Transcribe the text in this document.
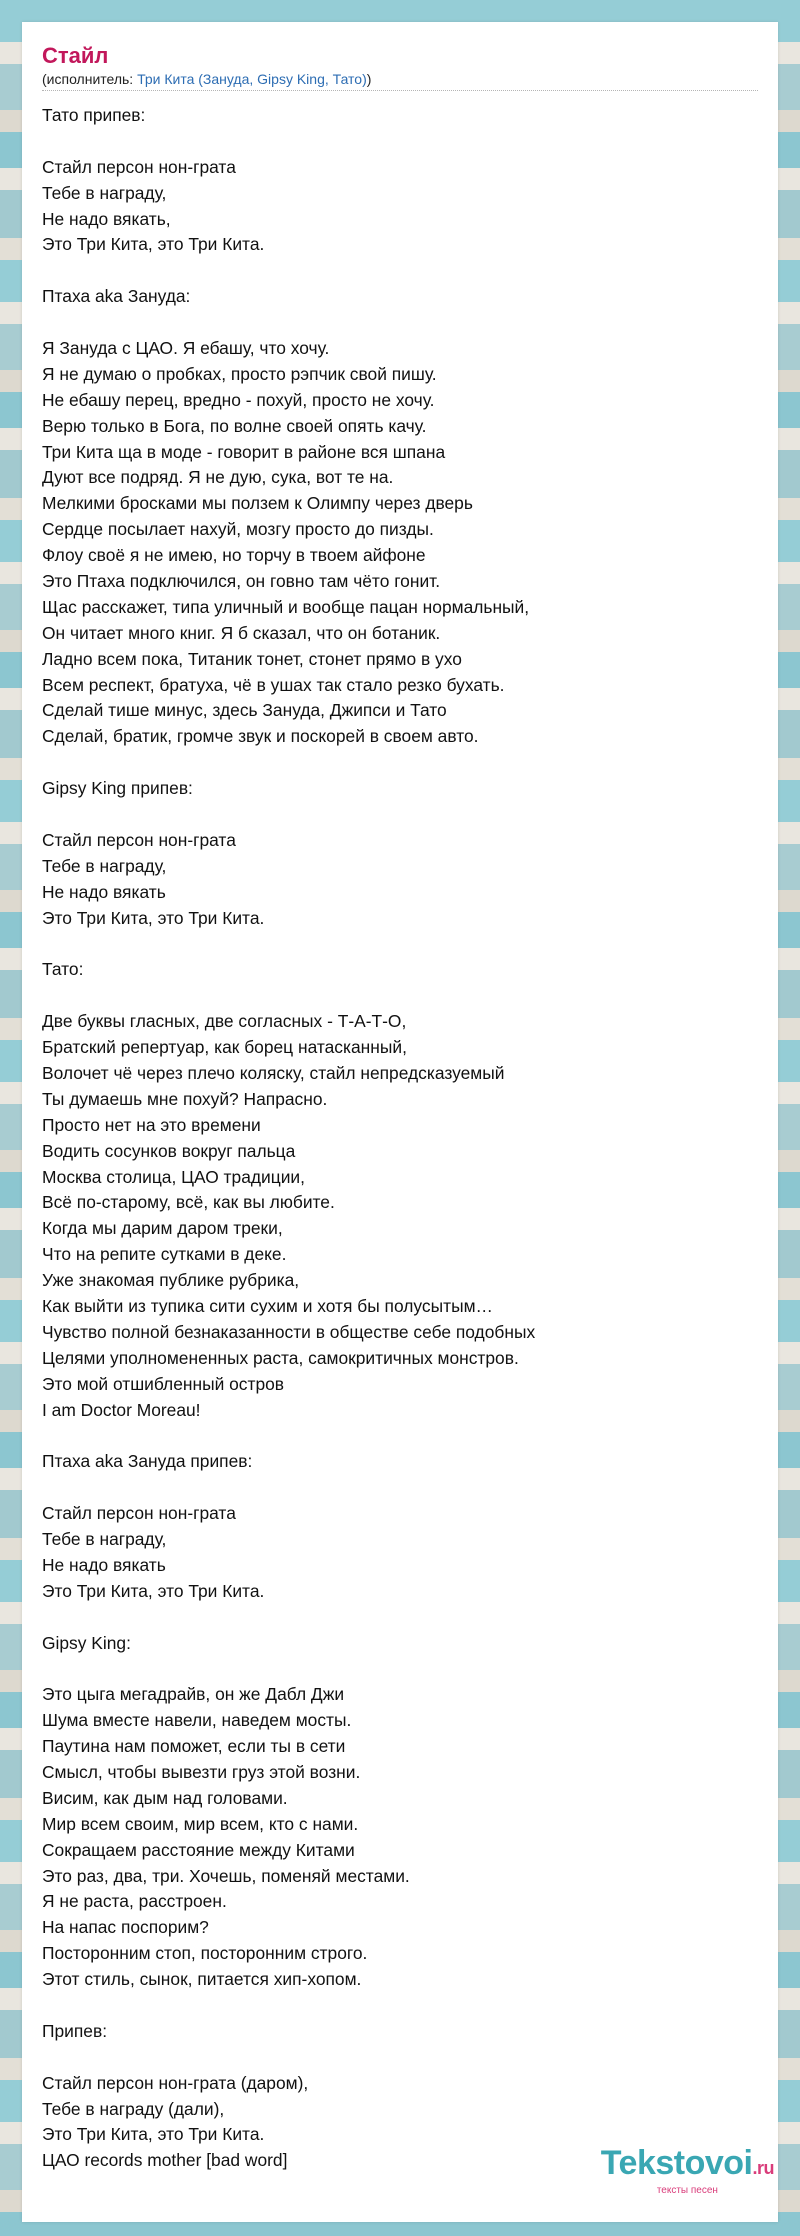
Стайл
(исполнитель: Три Кита (Зануда, Gipsy King, Тато))
Тато припев:
Стайл персон нон-грата
Тебе в награду,
Не надо вякать,
Это Три Кита, это Три Кита.
Птаха aka Зануда:
Я Зануда с ЦАО. Я ебашу, что хочу.
Я не думаю о пробках, просто рэпчик свой пишу.
Не ебашу перец, вредно - похуй, просто не хочу.
Верю только в Бога, по волне своей опять качу.
Три Кита ща в моде - говорит в районе вся шпана
Дуют все подряд. Я не дую, сука, вот те на.
Мелкими бросками мы ползем к Олимпу через дверь
Сердце посылает нахуй, мозгу просто до пизды.
Флоу своё я не имею, но торчу в твоем айфоне
Это Птаха подключился, он говно там чёто гонит.
Щас расскажет, типа уличный и вообще пацан нормальный,
Он читает много книг. Я б сказал, что он ботаник.
Ладно всем пока, Титаник тонет, стонет прямо в ухо
Всем респект, братуха, чё в ушах так стало резко бухать.
Сделай тише минус, здесь Зануда, Джипси и Тато
Сделай, братик, громче звук и поскорей в своем авто.
Gipsy King припев:
Стайл персон нон-грата
Тебе в награду,
Не надо вякать
Это Три Кита, это Три Кита.
Тато:
Две буквы гласных, две согласных - Т-А-Т-О,
Братский репертуар, как борец натасканный,
Волочет чё через плечо коляску, стайл непредсказуемый
Ты думаешь мне похуй? Напрасно.
Просто нет на это времени
Водить сосунков вокруг пальца
Москва столица, ЦАО традиции,
Всё по-старому, всё, как вы любите.
Когда мы дарим даром треки,
Что на репите сутками в деке.
Уже знакомая публике рубрика,
Как выйти из тупика сити сухим и хотя бы полусытым…
Чувство полной безнаказанности в обществе себе подобных
Целями уполномененных раста, самокритичных монстров.
Это мой отшибленный остров
I am Doctor Moreau!
Птаха aka Зануда припев:
Стайл персон нон-грата
Тебе в награду,
Не надо вякать
Это Три Кита, это Три Кита.
Gipsy King:
Это цыга мегадрайв, он же Дабл Джи
Шума вместе навели, наведем мосты.
Паутина нам поможет, если ты в сети
Смысл, чтобы вывезти груз этой возни.
Висим, как дым над головами.
Мир всем своим, мир всем, кто с нами.
Сокращаем расстояние между Китами
Это раз, два, три. Хочешь, поменяй местами.
Я не раста, расстроен.
На напас поспорим?
Посторонним стоп, посторонним строго.
Этот стиль, сынок, питается хип-хопом.
Припев:
Стайл персон нон-грата (даром),
Тебе в награду (дали),
Это Три Кита, это Три Кита.
ЦАО records mother [bad word]	Tekstovoi.ru
тексты песен
